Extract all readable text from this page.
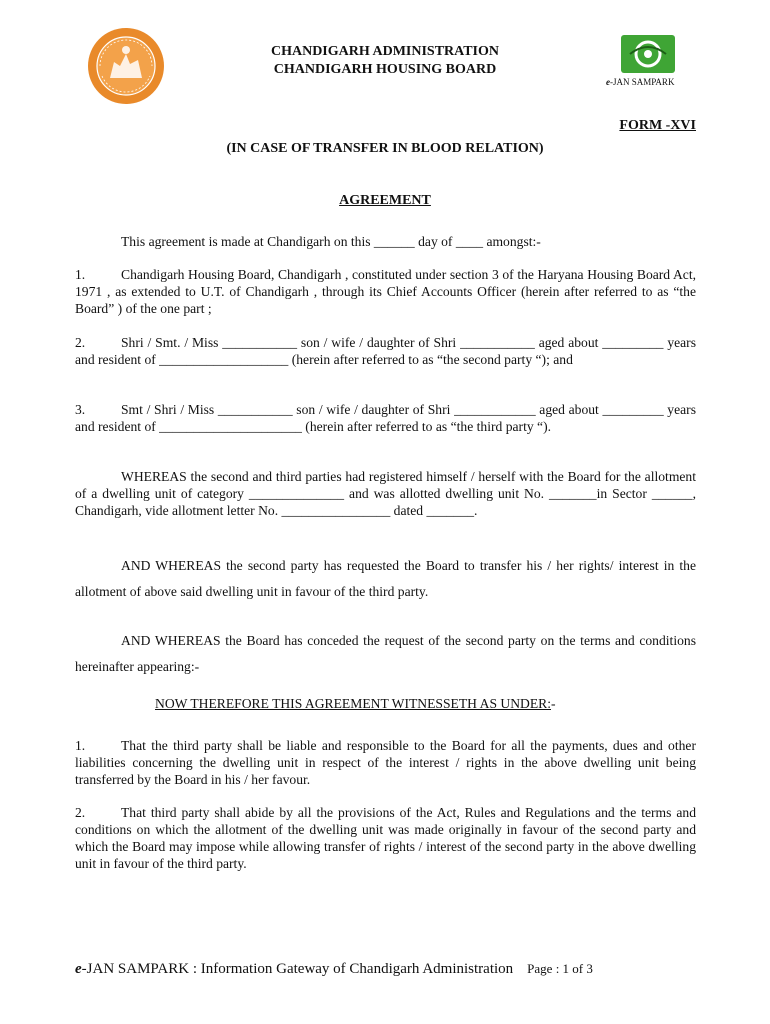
CHANDIGARH ADMINISTRATION
CHANDIGARH HOUSING BOARD
e-JAN SAMPARK
FORM -XVI
(IN CASE OF TRANSFER IN BLOOD RELATION)
AGREEMENT
This agreement is made at Chandigarh on this ______ day of ____ amongst:-
1.	Chandigarh Housing Board, Chandigarh , constituted under section 3 of the Haryana Housing Board Act, 1971 , as extended to U.T. of Chandigarh , through its Chief Accounts Officer (herein after referred to as “the Board” ) of the one part ;
2.	Shri / Smt. / Miss ___________ son / wife / daughter of Shri ___________ aged about _________ years and resident of ___________________ (herein after referred to as “the second party “); and
3.	Smt / Shri / Miss ___________ son / wife / daughter of Shri ____________ aged about _________ years and resident of _____________________ (herein after referred to as “the third party “).
WHEREAS the second and third parties had registered himself / herself with the Board for the allotment of a dwelling unit of category ______________ and was allotted dwelling unit No. _______in Sector ______, Chandigarh, vide allotment letter No. ________________ dated _______.
AND WHEREAS the second party has requested the Board to transfer his / her rights/ interest in the allotment of above said dwelling unit in favour of the third party.
AND WHEREAS the Board has conceded the request of the second party on the terms and conditions hereinafter appearing:-
NOW THEREFORE THIS AGREEMENT WITNESSETH AS UNDER:-
1.	That the third party shall be liable and responsible to the Board for all the payments, dues and other liabilities concerning the dwelling unit in respect of the interest / rights in the above dwelling unit being transferred by the Board in his / her favour.
2.	That third party shall abide by all the provisions of the Act, Rules and Regulations and the terms and conditions on which the allotment of the dwelling unit was made originally in favour of the second party and which the Board may impose while allowing transfer of rights / interest of the second party in the above dwelling unit in favour of the third party.
e-JAN SAMPARK : Information Gateway of Chandigarh Administration Page : 1 of 3
